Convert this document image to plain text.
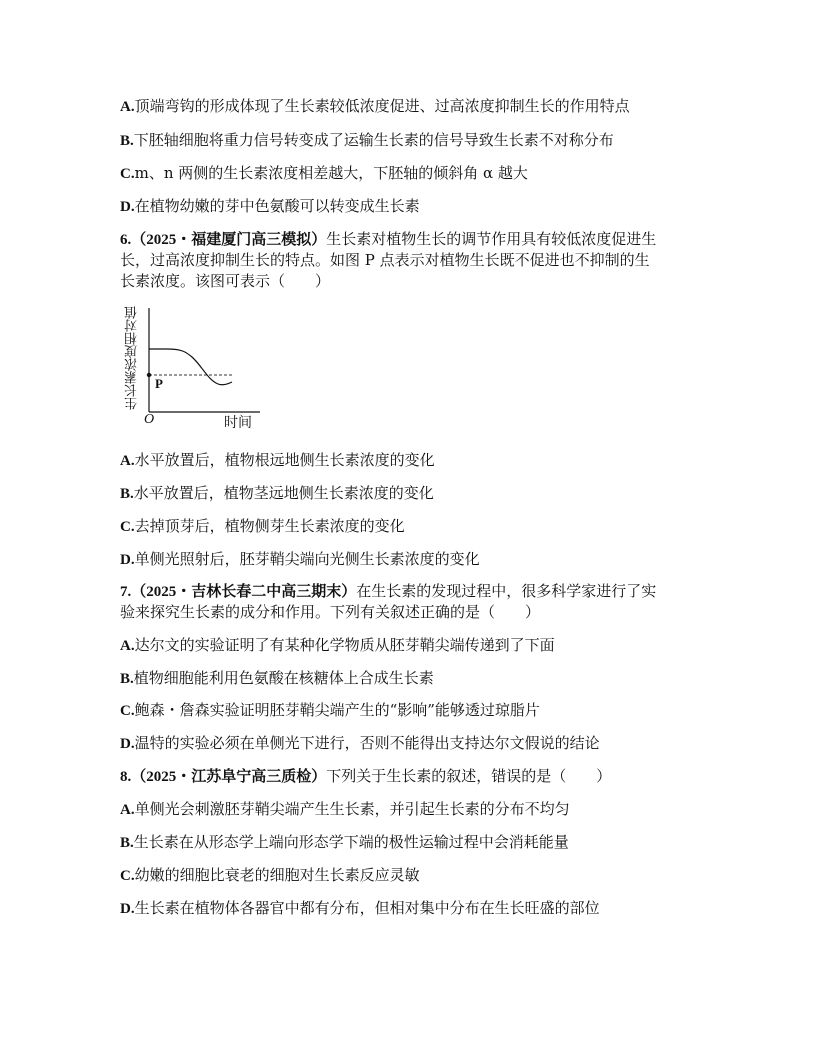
A.顶端弯钩的形成体现了生长素较低浓度促进、过高浓度抑制生长的作用特点
B.下胚轴细胞将重力信号转变成了运输生长素的信号导致生长素不对称分布
C.m、n 两侧的生长素浓度相差越大，下胚轴的倾斜角 α 越大
D.在植物幼嫩的芽中色氨酸可以转变成生长素
6.（2025・福建厦门高三模拟）生长素对植物生长的调节作用具有较低浓度促进生
长，过高浓度抑制生长的特点。如图 P 点表示对植物生长既不促进也不抑制的生
长素浓度。该图可表示（　　）
生长素浓度相对值 P
O	时间
A.水平放置后，植物根远地侧生长素浓度的变化
B.水平放置后，植物茎远地侧生长素浓度的变化
C.去掉顶芽后，植物侧芽生长素浓度的变化
D.单侧光照射后，胚芽鞘尖端向光侧生长素浓度的变化
7.（2025・吉林长春二中高三期末）在生长素的发现过程中，很多科学家进行了实
验来探究生长素的成分和作用。下列有关叙述正确的是（　　）
A.达尔文的实验证明了有某种化学物质从胚芽鞘尖端传递到了下面
B.植物细胞能利用色氨酸在核糖体上合成生长素
C.鲍森・詹森实验证明胚芽鞘尖端产生的“影响”能够透过琼脂片
D.温特的实验必须在单侧光下进行，否则不能得出支持达尔文假说的结论
8.（2025・江苏阜宁高三质检）下列关于生长素的叙述，错误的是（　　）
A.单侧光会刺激胚芽鞘尖端产生生长素，并引起生长素的分布不均匀
B.生长素在从形态学上端向形态学下端的极性运输过程中会消耗能量
C.幼嫩的细胞比衰老的细胞对生长素反应灵敏
D.生长素在植物体各器官中都有分布，但相对集中分布在生长旺盛的部位
